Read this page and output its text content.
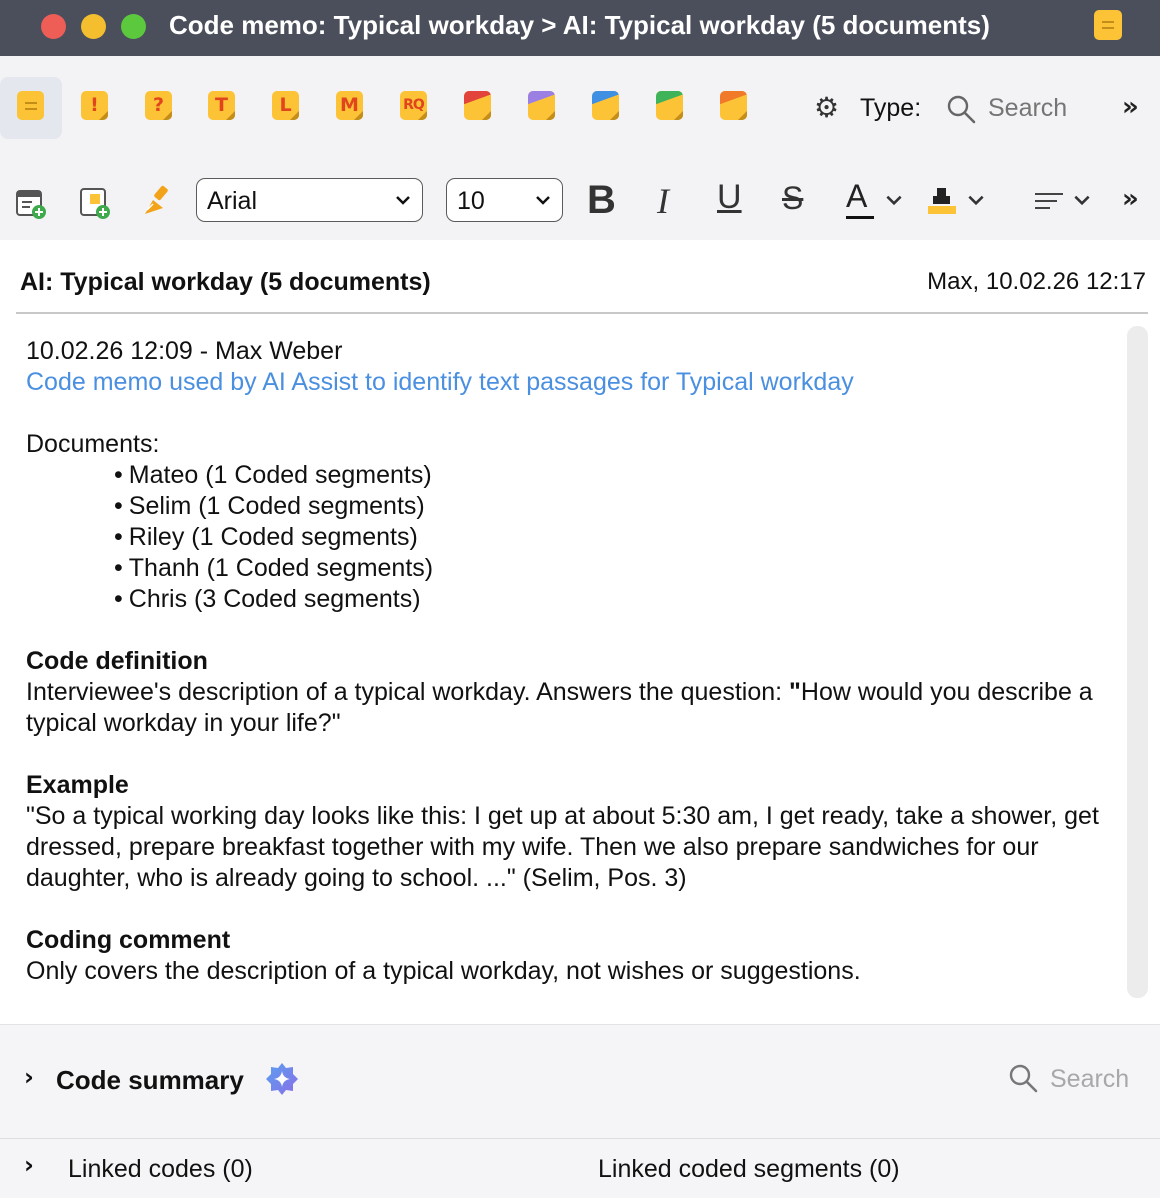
Code memo: Typical workday > AI: Typical workday (5 documents)
!	?	T	L	M	RQ	⚙ Type:
Search	»
Arial	10	B I U S A	»
AI: Typical workday (5 documents)	Max, 10.02.26 12:17

10.02.26 12:09 - Max Weber

Code memo used by AI Assist to identify text passages for Typical workday

Documents:

• Mateo (1 Coded segments)
• Selim (1 Coded segments)
• Riley (1 Coded segments)
• Thanh (1 Coded segments)
• Chris (3 Coded segments)

Code definition

Interviewee's description of a typical workday. Answers the question: "How would you describe a typical workday in your life?"

Example

"So a typical working day looks like this: I get up at about 5:30 am, I get ready, take a shower, get dressed, prepare breakfast together with my wife. Then we also prepare sandwiches for our daughter, who is already going to school. ..." (Selim, Pos. 3)

Coding comment

Only covers the description of a typical workday, not wishes or suggestions.

› Code summary	Search
› Linked codes (0)	Linked coded segments (0)
